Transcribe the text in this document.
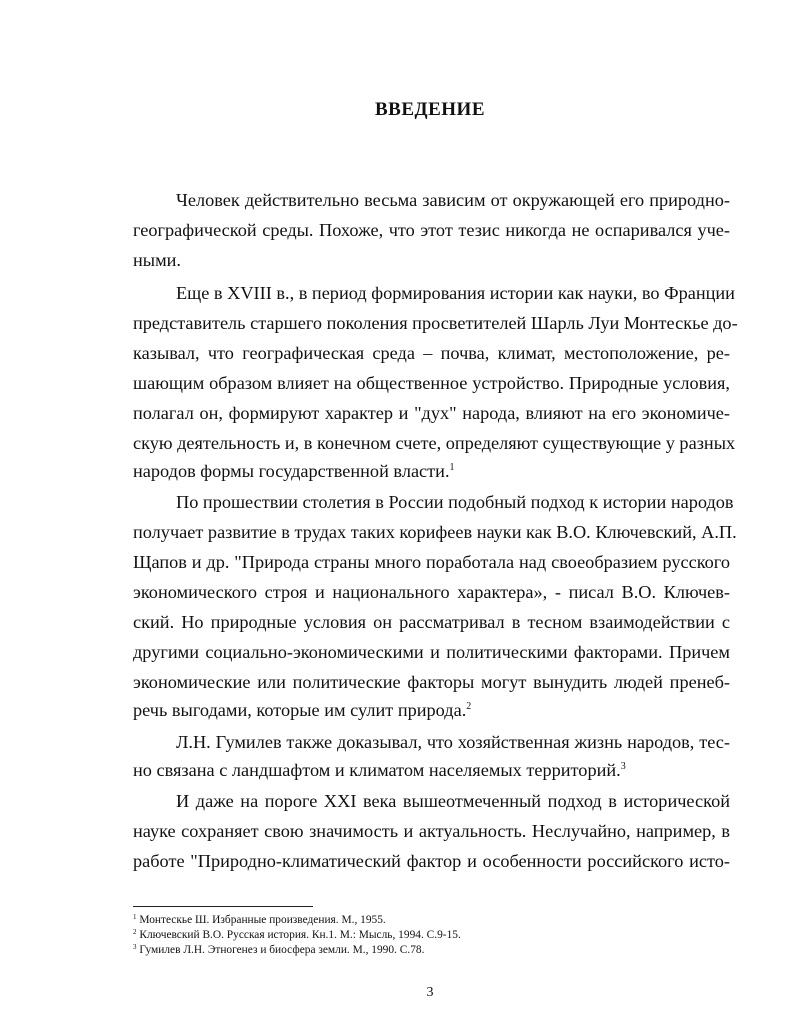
ВВЕДЕНИЕ
Человек действительно весьма зависим от окружающей его природно-
географической среды. Похоже, что этот тезис никогда не оспаривался уче-
ными.
Еще в XVIII в., в период формирования истории как науки, во Франции
представитель старшего поколения просветителей Шарль Луи Монтескье до-
казывал, что географическая среда – почва, климат, местоположение, ре-
шающим образом влияет на общественное устройство. Природные условия,
полагал он, формируют характер и "дух" народа, влияют на его экономиче-
скую деятельность и, в конечном счете, определяют существующие у разных
народов формы государственной власти.$^1$
По прошествии столетия в России подобный подход к истории народов
получает развитие в трудах таких корифеев науки как В.О. Ключевский, А.П.
Щапов и др. "Природа страны много поработала над своеобразием русского
экономического строя и национального характера», - писал В.О. Ключев-
ский. Но природные условия он рассматривал в тесном взаимодействии с
другими социально-экономическими и политическими факторами. Причем
экономические или политические факторы могут вынудить людей пренеб-
речь выгодами, которые им сулит природа.$^2$
Л.Н. Гумилев также доказывал, что хозяйственная жизнь народов, тес-
но связана с ландшафтом и климатом населяемых территорий.$^3$
И даже на пороге XXI века вышеотмеченный подход в исторической
науке сохраняет свою значимость и актуальность. Неслучайно, например, в
работе "Природно-климатический фактор и особенности российского исто-
$^1$ Монтескье Ш. Избранные произведения. М., 1955.
$^2$ Ключевский В.О. Русская история. Кн.1. М.: Мысль, 1994. С.9-15.
$^3$ Гумилев Л.Н. Этногенез и биосфера земли. М., 1990. С.78.
3
